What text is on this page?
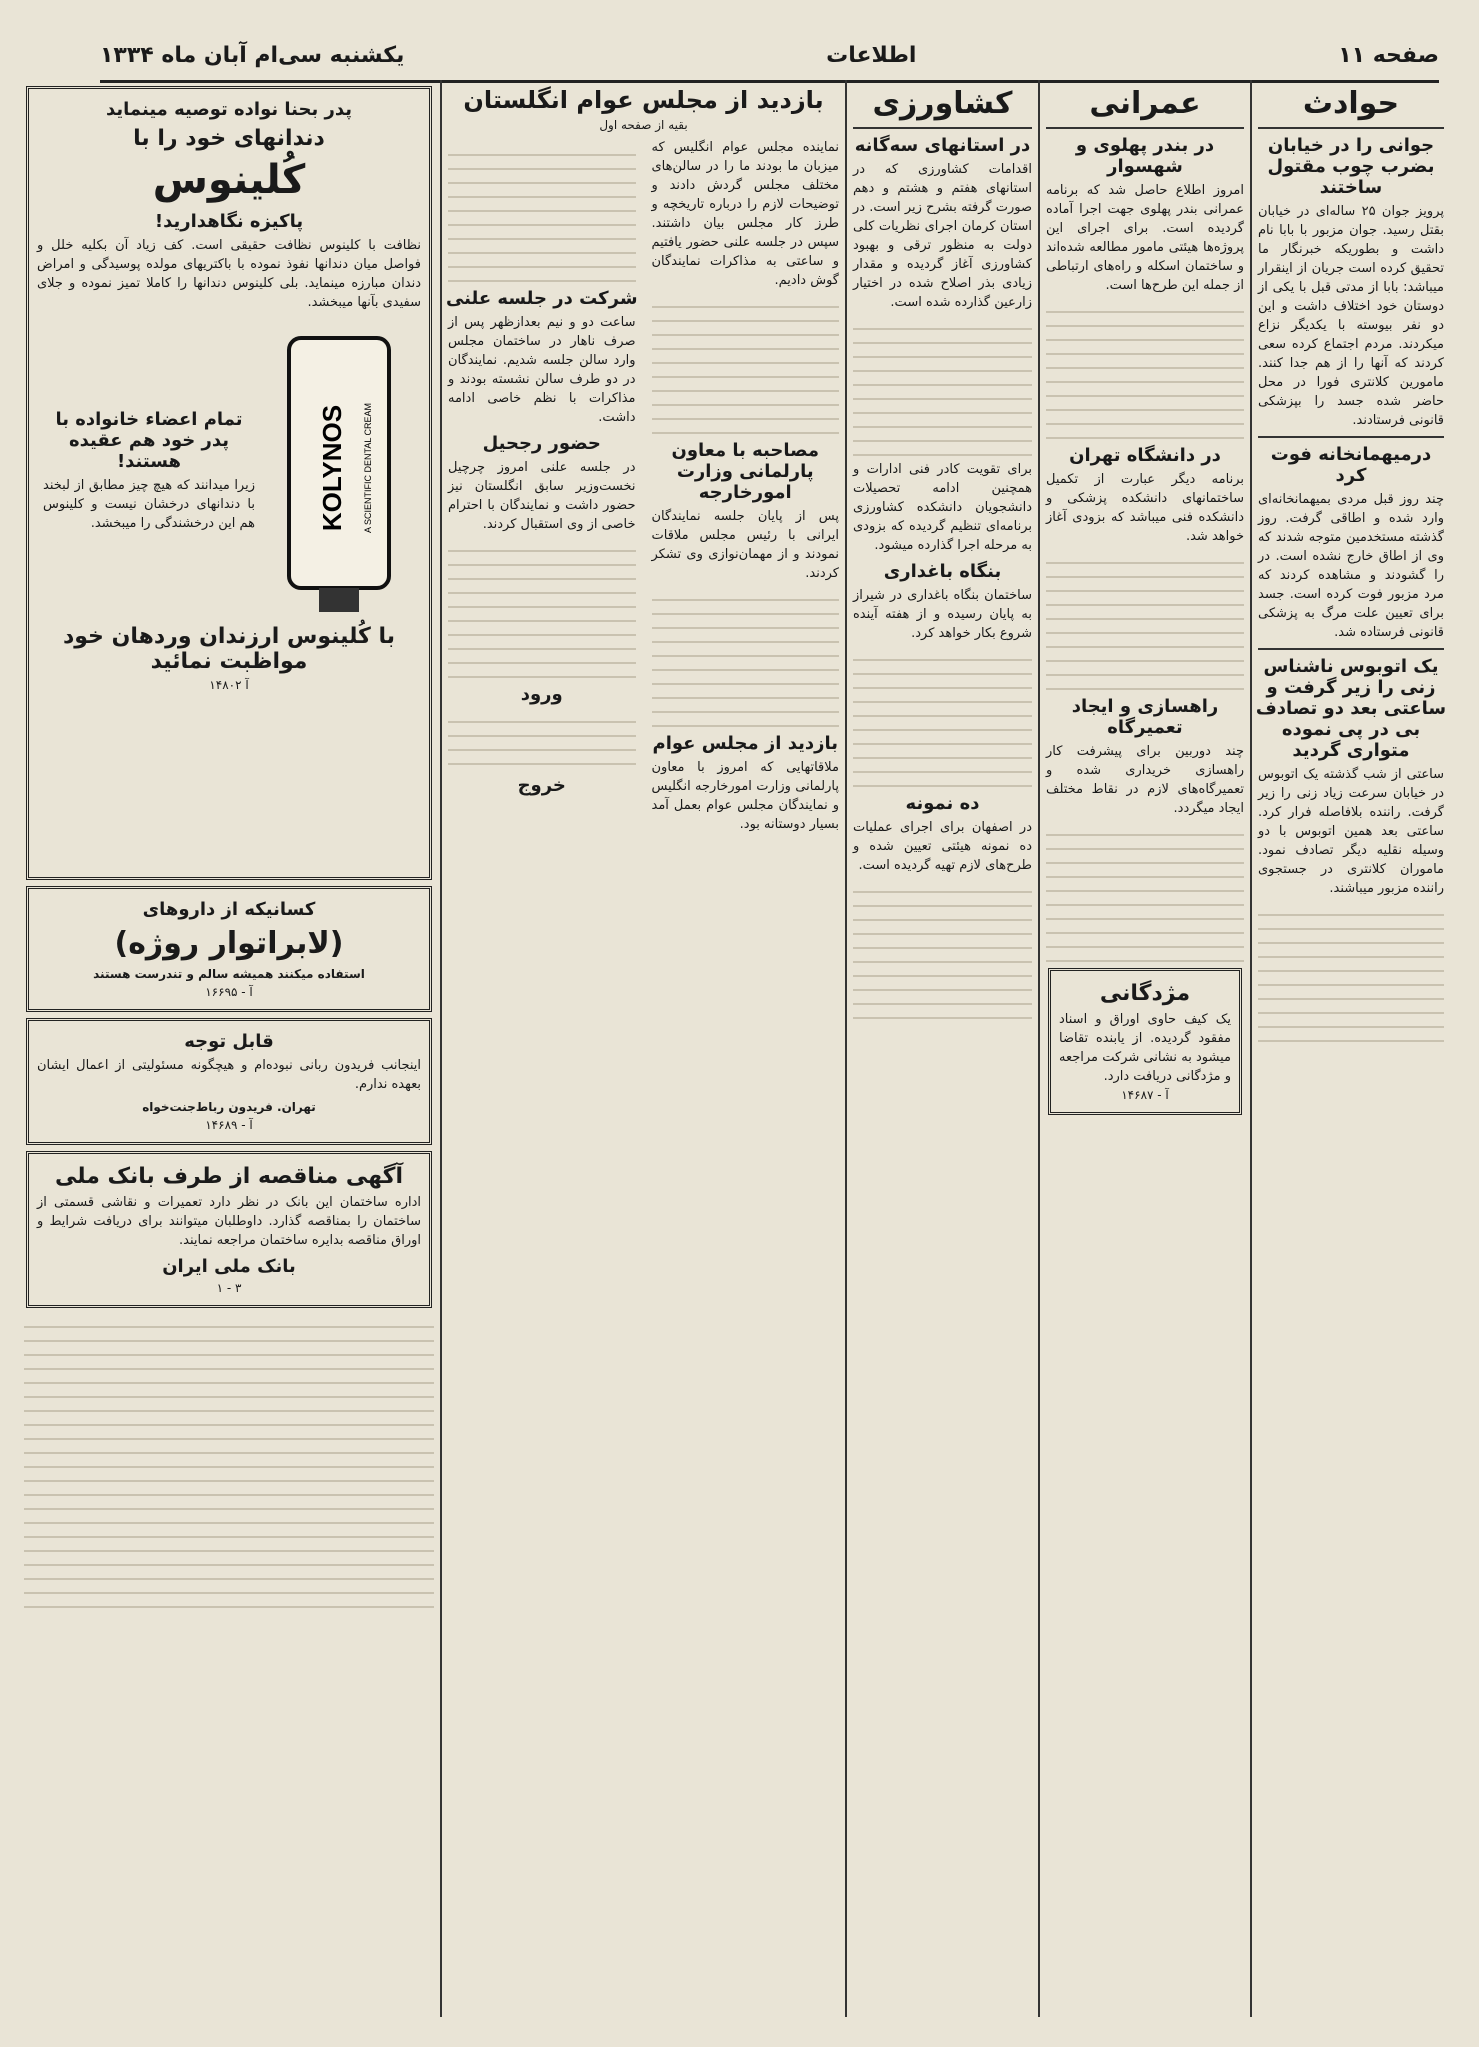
صفحه ۱۱
اطلاعات
یکشنبه سی‌ام آبان ماه ۱۳۳۴
حوادث
جوانی را در خیابان بضرب چوب مقتول ساختند

پرویز جوان ۲۵ ساله‌ای در خیابان بقتل رسید. جوان مزبور با بابا نام داشت و بطوریکه خبرنگار ما تحقیق کرده است جریان از اینقرار میباشد: بابا از مدتی قبل با یکی از دوستان خود اختلاف داشت و این دو نفر بیوسته با یکدیگر نزاع میکردند. مردم اجتماع کرده سعی کردند که آنها را از هم جدا کنند. مامورین کلانتری فورا در محل حاضر شده جسد را بپزشکی قانونی فرستادند.

درمیهمانخانه فوت کرد

چند روز قبل مردی بمیهمانخانه‌ای وارد شده و اطاقی گرفت. روز گذشته مستخدمین متوجه شدند که وی از اطاق خارج نشده است. در را گشودند و مشاهده کردند که مرد مزبور فوت کرده است. جسد برای تعیین علت مرگ به پزشکی قانونی فرستاده شد.

یک اتوبوس ناشناس زنی را زیر گرفت و ساعتی بعد دو تصادف بی در پی نموده متواری گردید

ساعتی از شب گذشته یک اتوبوس در خیابان سرعت زیاد زنی را زیر گرفت. راننده بلافاصله فرار کرد. ساعتی بعد همین اتوبوس با دو وسیله نقلیه دیگر تصادف نمود. ماموران کلانتری در جستجوی راننده مزبور میباشند.

عمرانی
در بندر پهلوی و شهسوار

امروز اطلاع حاصل شد که برنامه عمرانی بندر پهلوی جهت اجرا آماده گردیده است. برای اجرای این پروژه‌ها هیئتی مامور مطالعه شده‌اند و ساختمان اسکله و راه‌های ارتباطی از جمله این طرح‌ها است.

در دانشگاه تهران

برنامه دیگر عبارت از تکمیل ساختمانهای دانشکده پزشکی و دانشکده فنی میباشد که بزودی آغاز خواهد شد.

راهسازی و ایجاد تعمیرگاه

چند دوربین برای پیشرفت کار راهسازی خریداری شده و تعمیرگاه‌های لازم در نقاط مختلف ایجاد میگردد.

مژدگانی

یک کیف حاوی اوراق و اسناد مفقود گردیده. از یابنده تقاضا میشود به نشانی شرکت مراجعه و مژدگانی دریافت دارد.

آ - ۱۴۶۸۷
کشاورزی
در استانهای سه‌گانه

اقدامات کشاورزی که در استانهای هفتم و هشتم و دهم صورت گرفته بشرح زیر است. در استان کرمان اجرای نظریات کلی دولت به منظور ترقی و بهبود کشاورزی آغاز گردیده و مقدار زیادی بذر اصلاح شده در اختیار زارعین گذارده شده است.

برای تقویت کادر فنی ادارات و همچنین ادامه تحصیلات دانشجویان دانشکده کشاورزی برنامه‌ای تنظیم گردیده که بزودی به مرحله اجرا گذارده میشود.

بنگاه باغداری

ساختمان بنگاه باغداری در شیراز به پایان رسیده و از هفته آینده شروع بکار خواهد کرد.

ده نمونه

در اصفهان برای اجرای عملیات ده نمونه هیئتی تعیین شده و طرح‌های لازم تهیه گردیده است.

بازدید از مجلس عوام انگلستان
بقیه از صفحه اول

نماینده مجلس عوام انگلیس که میزبان ما بودند ما را در سالن‌های مختلف مجلس گردش دادند و توضیحات لازم را درباره تاریخچه و طرز کار مجلس بیان داشتند. سپس در جلسه علنی حضور یافتیم و ساعتی به مذاکرات نمایندگان گوش دادیم.

مصاحبه با معاون پارلمانی وزارت امورخارجه

پس از پایان جلسه نمایندگان ایرانی با رئیس مجلس ملاقات نمودند و از مهمان‌نوازی وی تشکر کردند.

بازدید از مجلس عوام

ملاقاتهایی که امروز با معاون پارلمانی وزارت امورخارجه انگلیس و نمایندگان مجلس عوام بعمل آمد بسیار دوستانه بود.

شرکت در جلسه علنی

ساعت دو و نیم بعدازظهر پس از صرف ناهار در ساختمان مجلس وارد سالن جلسه شدیم. نمایندگان در دو طرف سالن نشسته بودند و مذاکرات با نظم خاصی ادامه داشت.

حضور رجحیل

در جلسه علنی امروز چرچیل نخست‌وزیر سابق انگلستان نیز حضور داشت و نمایندگان با احترام خاصی از وی استقبال کردند.

ورود
خروج
پدر بحنا نواده توصیه مینماید
دندانهای خود را با
کُلینوس
پاکیزه نگاهدارید!

نظافت با کلینوس نظافت حقیقی است. کف زیاد آن بکلیه خلل و فواصل میان دندانها نفوذ نموده با باکتریهای مولده پوسیدگی و امراض دندان مبارزه مینماید. بلی کلینوس دندانها را کاملا تمیز نموده و جلای سفیدی بآنها میبخشد.

KOLYNOS A SCIENTIFIC DENTAL CREAM
تمام اعضاء خانواده با پدر خود هم عقیده هستند!

زیرا میدانند که هیچ چیز مطابق از لبخند با دندانهای درخشان نیست و کلینوس هم این درخشندگی را میبخشد.

با کُلینوس ارزندان وردهان خود مواظبت نمائید
آ ۱۴۸۰۲
کسانیکه از داروهای
(لابراتوار روژه)
استفاده میکنند همیشه سالم و تندرست هستند
آ - ۱۶۶۹۵
قابل توجه

اینجانب فریدون ربانی نبوده‌ام و هیچگونه مسئولیتی از اعمال ایشان بعهده ندارم.

تهران. فریدون رباط‌جنت‌خواه
آ - ۱۴۶۸۹
آگهی مناقصه از طرف بانک ملی

اداره ساختمان این بانک در نظر دارد تعمیرات و نقاشی قسمتی از ساختمان را بمناقصه گذارد. داوطلبان میتوانند برای دریافت شرایط و اوراق مناقصه بدایره ساختمان مراجعه نمایند.

بانک ملی ایران
۳ - ۱
